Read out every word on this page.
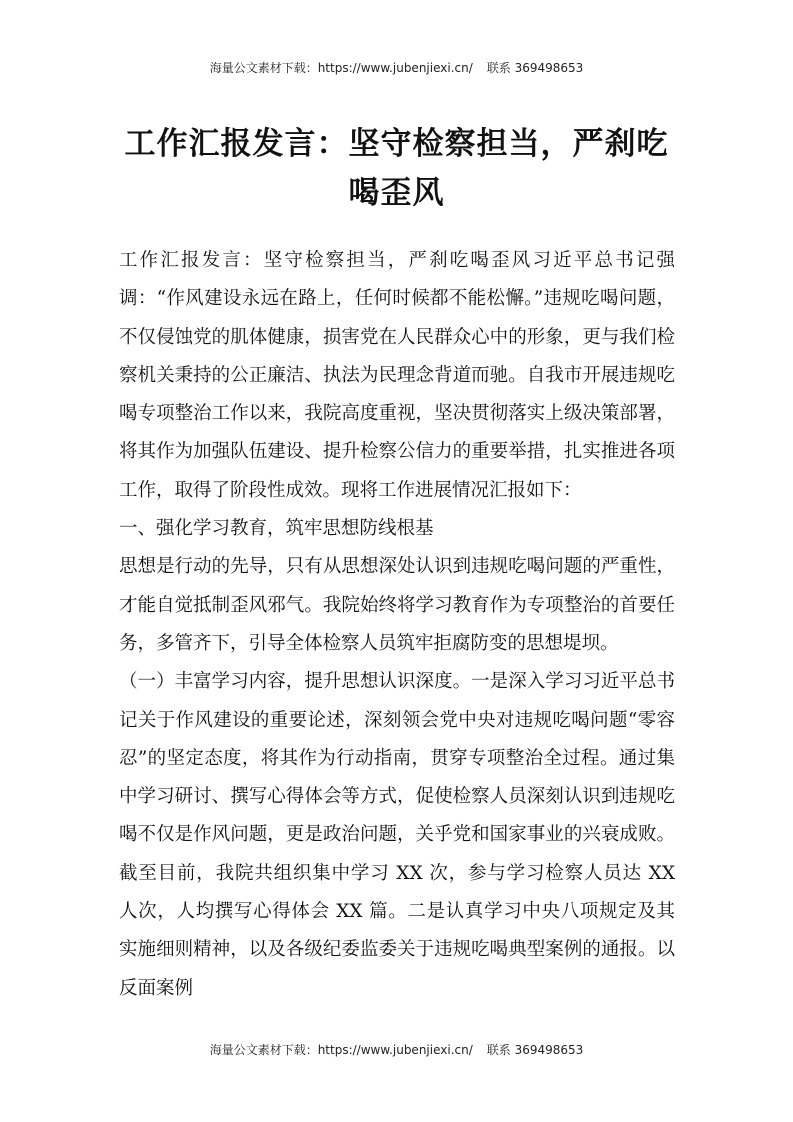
海量公文素材下载：https://www.jubenjiexi.cn/ 联系 369498653
工作汇报发言：坚守检察担当，严刹吃喝歪风

工作汇报发言：坚守检察担当，严刹吃喝歪风习近平总书记强调：“作风建设永远在路上，任何时候都不能松懈。”违规吃喝问题，不仅侵蚀党的肌体健康，损害党在人民群众心中的形象，更与我们检察机关秉持的公正廉洁、执法为民理念背道而驰。自我市开展违规吃喝专项整治工作以来，我院高度重视，坚决贯彻落实上级决策部署，将其作为加强队伍建设、提升检察公信力的重要举措，扎实推进各项工作，取得了阶段性成效。现将工作进展情况汇报如下：

一、强化学习教育，筑牢思想防线根基

思想是行动的先导，只有从思想深处认识到违规吃喝问题的严重性，才能自觉抵制歪风邪气。我院始终将学习教育作为专项整治的首要任务，多管齐下，引导全体检察人员筑牢拒腐防变的思想堤坝。

（一）丰富学习内容，提升思想认识深度。一是深入学习习近平总书记关于作风建设的重要论述，深刻领会党中央对违规吃喝问题“零容忍”的坚定态度，将其作为行动指南，贯穿专项整治全过程。通过集中学习研讨、撰写心得体会等方式，促使检察人员深刻认识到违规吃喝不仅是作风问题，更是政治问题，关乎党和国家事业的兴衰成败。截至目前，我院共组织集中学习 XX 次，参与学习检察人员达 XX 人次，人均撰写心得体会 XX 篇。二是认真学习中央八项规定及其实施细则精神，以及各级纪委监委关于违规吃喝典型案例的通报。以反面案例

海量公文素材下载：https://www.jubenjiexi.cn/ 联系 369498653
